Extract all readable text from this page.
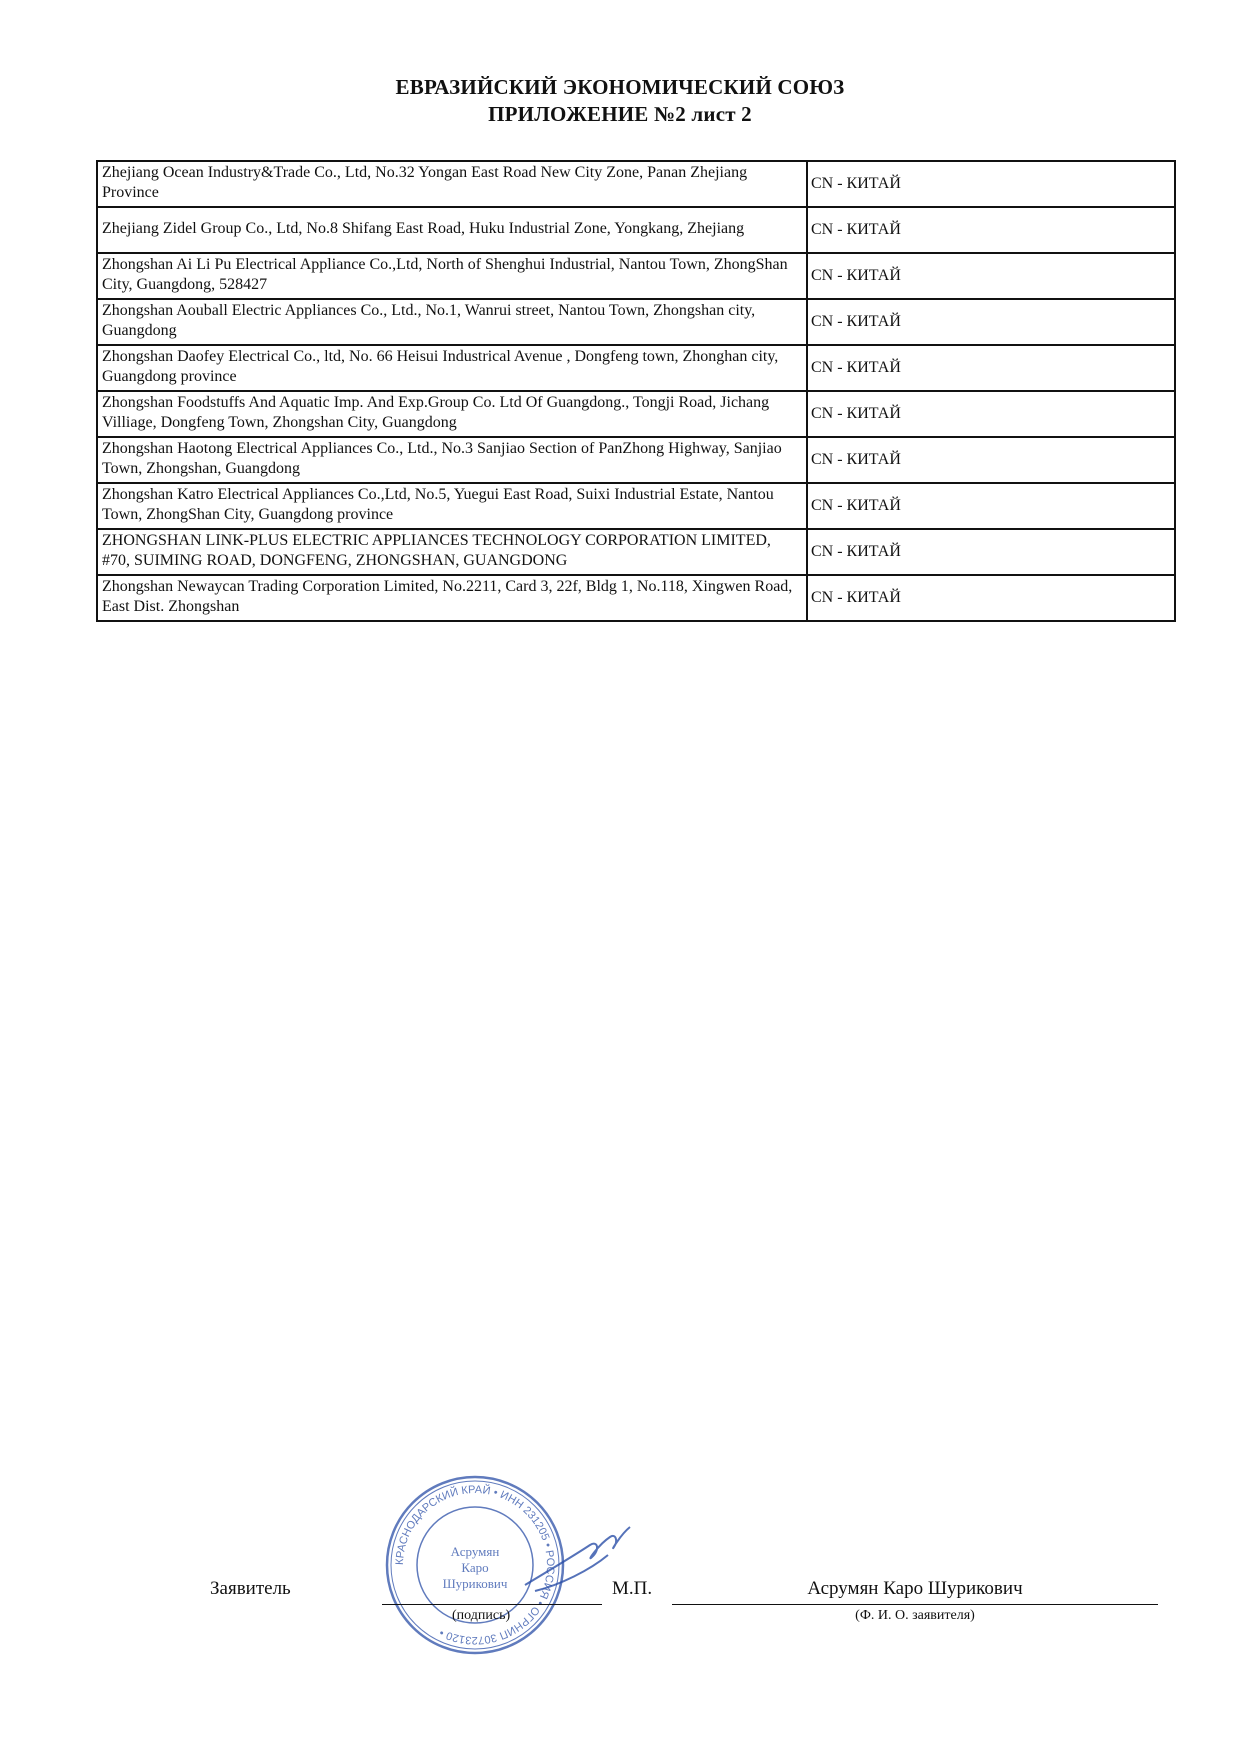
ЕВРАЗИЙСКИЙ ЭКОНОМИЧЕСКИЙ СОЮЗ
ПРИЛОЖЕНИЕ №2 лист 2
Zhejiang Ocean Industry&Trade Co., Ltd, No.32 Yongan East Road New City Zone, Panan Zhejiang Province	CN - КИТАЙ
Zhejiang Zidel Group Co., Ltd, No.8 Shifang East Road, Huku Industrial Zone, Yongkang, Zhejiang	CN - КИТАЙ
Zhongshan Ai Li Pu Electrical Appliance Co.,Ltd, North of Shenghui Industrial, Nantou Town, ZhongShan City, Guangdong, 528427	CN - КИТАЙ
Zhongshan Aouball Electric Appliances Co., Ltd., No.1, Wanrui street, Nantou Town, Zhongshan city, Guangdong	CN - КИТАЙ
Zhongshan Daofey Electrical Co., ltd, No. 66 Heisui Industrical Avenue , Dongfeng town, Zhonghan city, Guangdong province	CN - КИТАЙ
Zhongshan Foodstuffs And Aquatic Imp. And Exp.Group Co. Ltd Of Guangdong., Tongji Road, Jichang Villiage, Dongfeng Town, Zhongshan City, Guangdong	CN - КИТАЙ
Zhongshan Haotong Electrical Appliances Co., Ltd., No.3 Sanjiao Section of PanZhong Highway, Sanjiao Town, Zhongshan, Guangdong	CN - КИТАЙ
Zhongshan Katro Electrical Appliances Co.,Ltd, No.5, Yuegui East Road, Suixi Industrial Estate, Nantou Town, ZhongShan City, Guangdong province	CN - КИТАЙ
ZHONGSHAN LINK-PLUS ELECTRIC APPLIANCES TECHNOLOGY CORPORATION LIMITED, #70, SUIMING ROAD, DONGFENG, ZHONGSHAN, GUANGDONG	CN - КИТАЙ
Zhongshan Newaycan Trading Corporation Limited, No.2211, Card 3, 22f, Bldg 1, No.118, Xingwen Road, East Dist. Zhongshan	CN - КИТАЙ
КРАСНОДАРСКИЙ КРАЙ • ИНН 231205 • РОССИЯ • ОГРНИП 30723120 •
Асрумян
Каро
Шурикович
Заявитель
(подпись)
М.П.	Асрумян Каро Шурикович
(Ф. И. О. заявителя)
